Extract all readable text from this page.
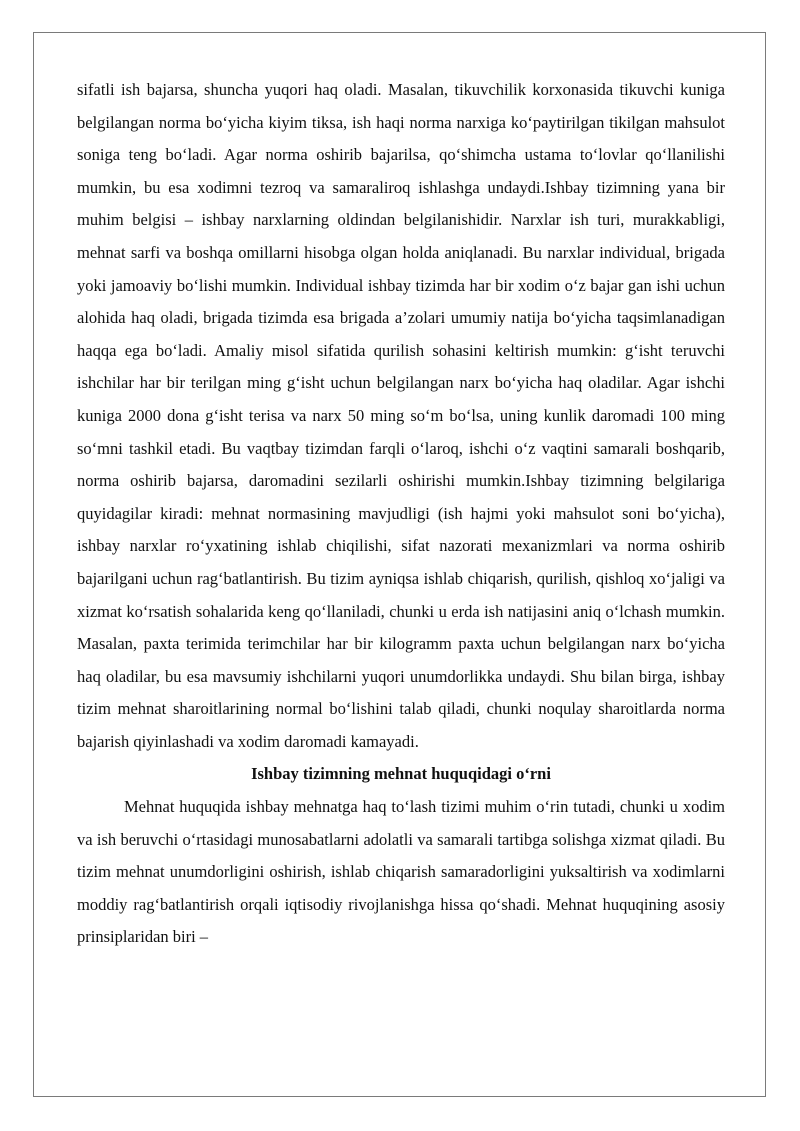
sifatli ish bajarsa, shuncha yuqori haq oladi. Masalan, tikuvchilik korxonasida tikuvchi kuniga belgilangan norma bo‘yicha kiyim tiksa, ish haqi norma narxiga ko‘paytirilgan tikilgan mahsulot soniga teng bo‘ladi. Agar norma oshirib bajarilsa, qo‘shimcha ustama to‘lovlar qo‘llanilishi mumkin, bu esa xodimni tezroq va samaraliroq ishlashga undaydi.Ishbay tizimning yana bir muhim belgisi – ishbay narxlarning oldindan belgilanishidir. Narxlar ish turi, murakkabligi, mehnat sarfi va boshqa omillarni hisobga olgan holda aniqlanadi. Bu narxlar individual, brigada yoki jamoaviy bo‘lishi mumkin. Individual ishbay tizimda har bir xodim o‘z bajar gan ishi uchun alohida haq oladi, brigada tizimda esa brigada a’zolari umumiy natija bo‘yicha taqsimlanadigan haqqa ega bo‘ladi. Amaliy misol sifatida qurilish sohasini keltirish mumkin: g‘isht teruvchi ishchilar har bir terilgan ming g‘isht uchun belgilangan narx bo‘yicha haq oladilar. Agar ishchi kuniga 2000 dona g‘isht terisa va narx 50 ming so‘m bo‘lsa, uning kunlik daromadi 100 ming so‘mni tashkil etadi. Bu vaqtbay tizimdan farqli o‘laroq, ishchi o‘z vaqtini samarali boshqarib, norma oshirib bajarsa, daromadini sezilarli oshirishi mumkin.Ishbay tizimning belgilariga quyidagilar kiradi: mehnat normasining mavjudligi (ish hajmi yoki mahsulot soni bo‘yicha), ishbay narxlar ro‘yxatining ishlab chiqilishi, sifat nazorati mexanizmlari va norma oshirib bajarilgani uchun rag‘batlantirish. Bu tizim ayniqsa ishlab chiqarish, qurilish, qishloq xo‘jaligi va xizmat ko‘rsatish sohalarida keng qo‘llaniladi, chunki u erda ish natijasini aniq o‘lchash mumkin. Masalan, paxta terimida terimchilar har bir kilogramm paxta uchun belgilangan narx bo‘yicha haq oladilar, bu esa mavsumiy ishchilarni yuqori unumdorlikka undaydi. Shu bilan birga, ishbay tizim mehnat sharoitlarining normal bo‘lishini talab qiladi, chunki noqulay sharoitlarda norma bajarish qiyinlashadi va xodim daromadi kamayadi.

Ishbay tizimning mehnat huquqidagi o‘rni

Mehnat huquqida ishbay mehnatga haq to‘lash tizimi muhim o‘rin tutadi, chunki u xodim va ish beruvchi o‘rtasidagi munosabatlarni adolatli va samarali tartibga solishga xizmat qiladi. Bu tizim mehnat unumdorligini oshirish, ishlab chiqarish samaradorligini yuksaltirish va xodimlarni moddiy rag‘batlantirish orqali iqtisodiy rivojlanishga hissa qo‘shadi. Mehnat huquqining asosiy prinsiplaridan biri –
